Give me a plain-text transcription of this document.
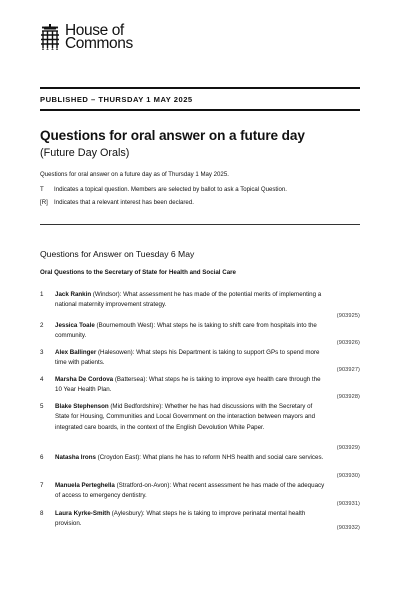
House of
Commons
PUBLISHED – THURSDAY 1 MAY 2025
Questions for oral answer on a future day
(Future Day Orals)
Questions for oral answer on a future day as of Thursday 1 May 2025.
T	Indicates a topical question. Members are selected by ballot to ask a Topical Question.
[R]	Indicates that a relevant interest has been declared.
Questions for Answer on Tuesday 6 May
Oral Questions to the Secretary of State for Health and Social Care
1	Jack Rankin (Windsor): What assessment he has made of the potential merits of implementing a national maternity improvement strategy.
(903925)
2	Jessica Toale (Bournemouth West): What steps he is taking to shift care from hospitals into the community.
(903926)
3	Alex Ballinger (Halesowen): What steps his Department is taking to support GPs to spend more time with patients.
(903927)
4	Marsha De Cordova (Battersea): What steps he is taking to improve eye health care through the 10 Year Health Plan.
(903928)
5	Blake Stephenson (Mid Bedfordshire): Whether he has had discussions with the Secretary of State for Housing, Communities and Local Government on the interaction between mayors and integrated care boards, in the context of the English Devolution White Paper.
(903929)
6	Natasha Irons (Croydon East): What plans he has to reform NHS health and social care services.
(903930)
7	Manuela Perteghella (Stratford-on-Avon): What recent assessment he has made of the adequacy of access to emergency dentistry.
(903931)
8	Laura Kyrke-Smith (Aylesbury): What steps he is taking to improve perinatal mental health provision.
(903932)
